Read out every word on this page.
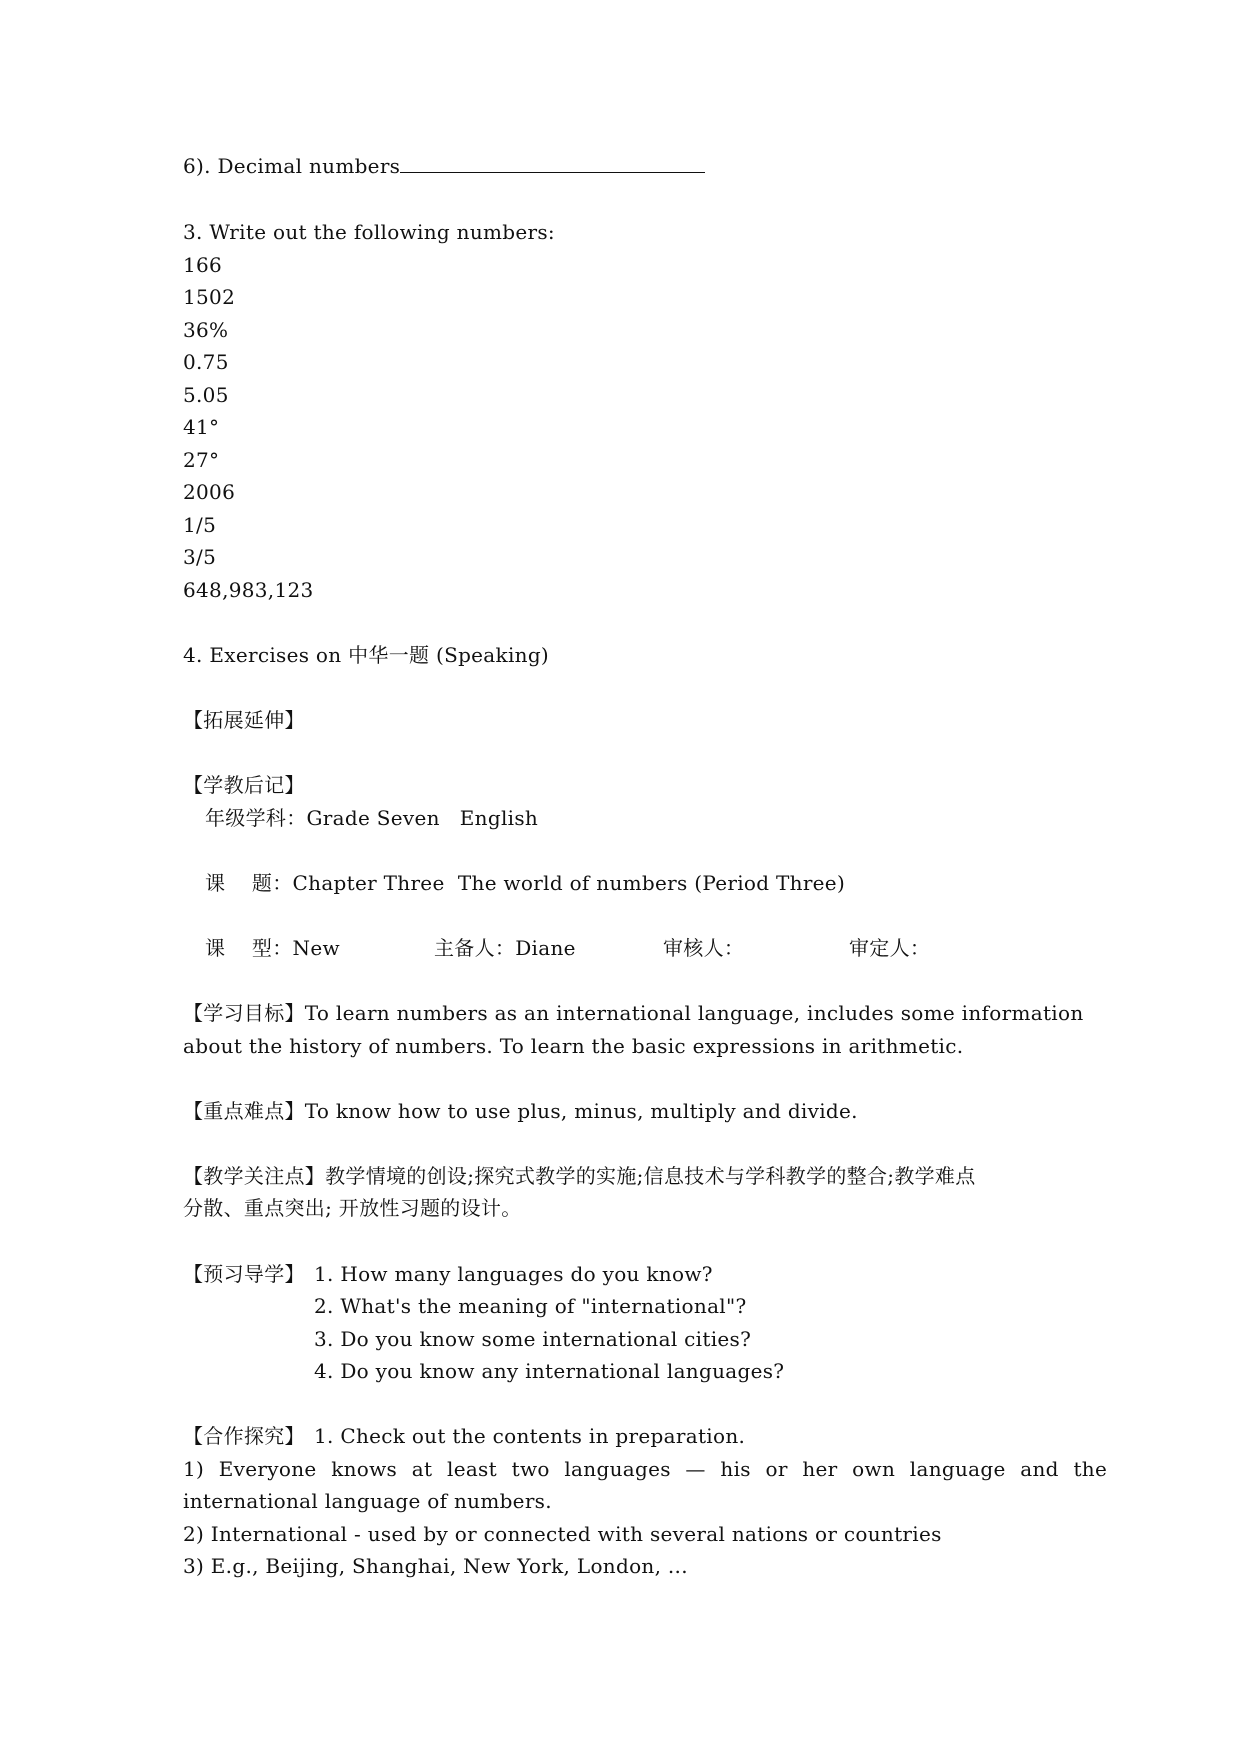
6). Decimal numbers
3. Write out the following numbers:
166
1502
36%
0.75
5.05
41°
27°
2006
1/5
3/5
648,983,123
4. Exercises on 中华一题 (Speaking)
【拓展延伸】
【学教后记】
年级学科：Grade Seven   English
课    题：Chapter Three  The world of numbers (Period Three)
课    型：New	主备人：Diane	审核人：	审定人：
【学习目标】To learn numbers as an international language, includes some information
about the history of numbers. To learn the basic expressions in arithmetic.
【重点难点】To know how to use plus, minus, multiply and divide.
【教学关注点】教学情境的创设;探究式教学的实施;信息技术与学科教学的整合;教学难点
分散、重点突出; 开放性习题的设计。
【预习导学】 1. How many languages do you know?
2. What's the meaning of "international"?
3. Do you know some international cities?
4. Do you know any international languages?
【合作探究】 1. Check out the contents in preparation.
1) Everyone knows at least two languages — his or her own language and the
international language of numbers.
2) International - used by or connected with several nations or countries
3) E.g., Beijing, Shanghai, New York, London, ...
